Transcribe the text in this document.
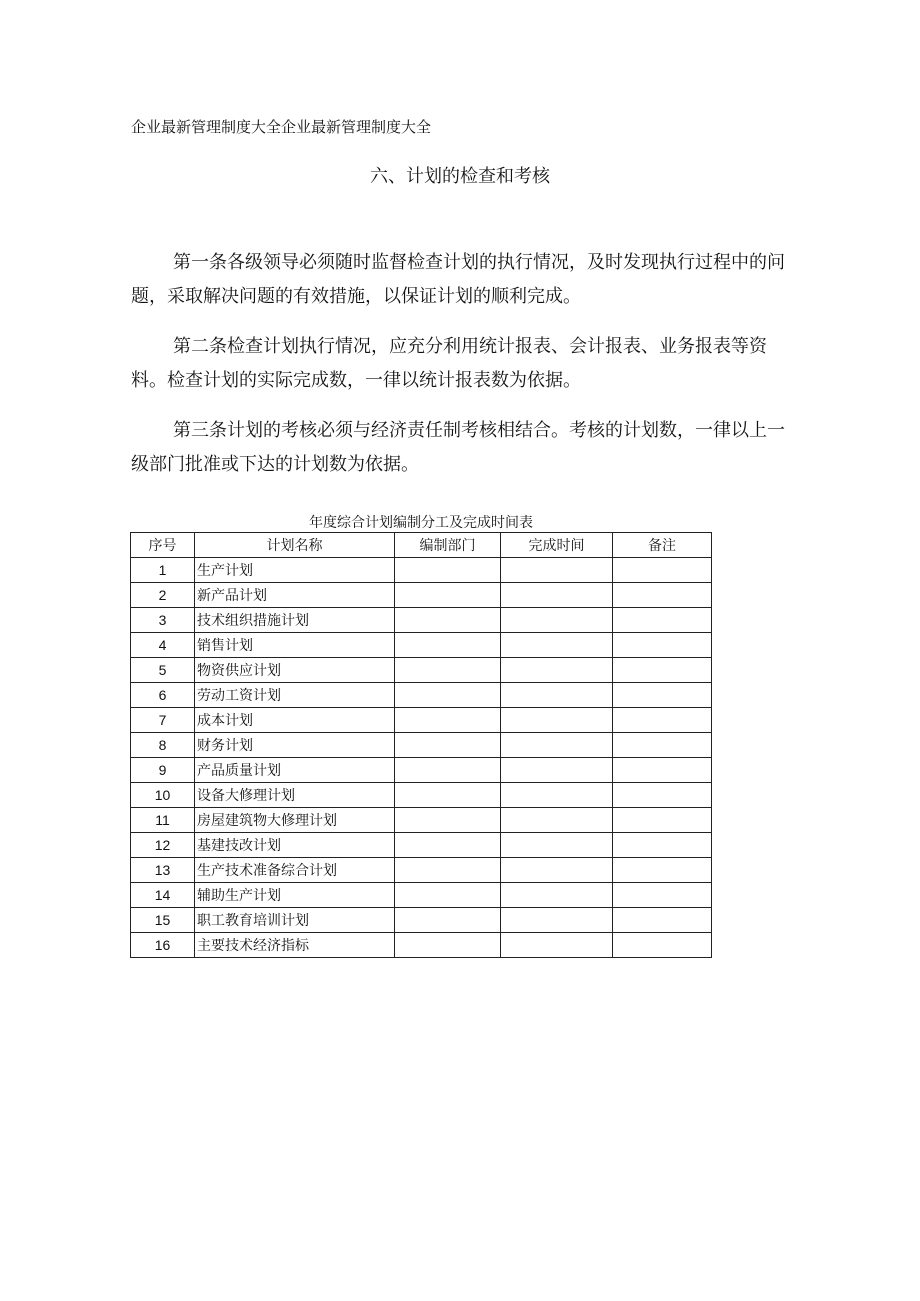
企业最新管理制度大全企业最新管理制度大全
六、计划的检查和考核

第一条各级领导必须随时监督检查计划的执行情况，及时发现执行过程中的问题，采取解决问题的有效措施，以保证计划的顺利完成。

第二条检查计划执行情况，应充分利用统计报表、会计报表、业务报表等资料。检查计划的实际完成数，一律以统计报表数为依据。

第三条计划的考核必须与经济责任制考核相结合。考核的计划数，一律以上一级部门批准或下达的计划数为依据。

年度综合计划编制分工及完成时间表
序号	计划名称	编制部门	完成时间	备注
1	生产计划			
2	新产品计划			
3	技术组织措施计划			
4	销售计划			
5	物资供应计划			
6	劳动工资计划			
7	成本计划			
8	财务计划			
9	产品质量计划			
10	设备大修理计划			
11	房屋建筑物大修理计划			
12	基建技改计划			
13	生产技术准备综合计划			
14	辅助生产计划			
15	职工教育培训计划			
16	主要技术经济指标			
